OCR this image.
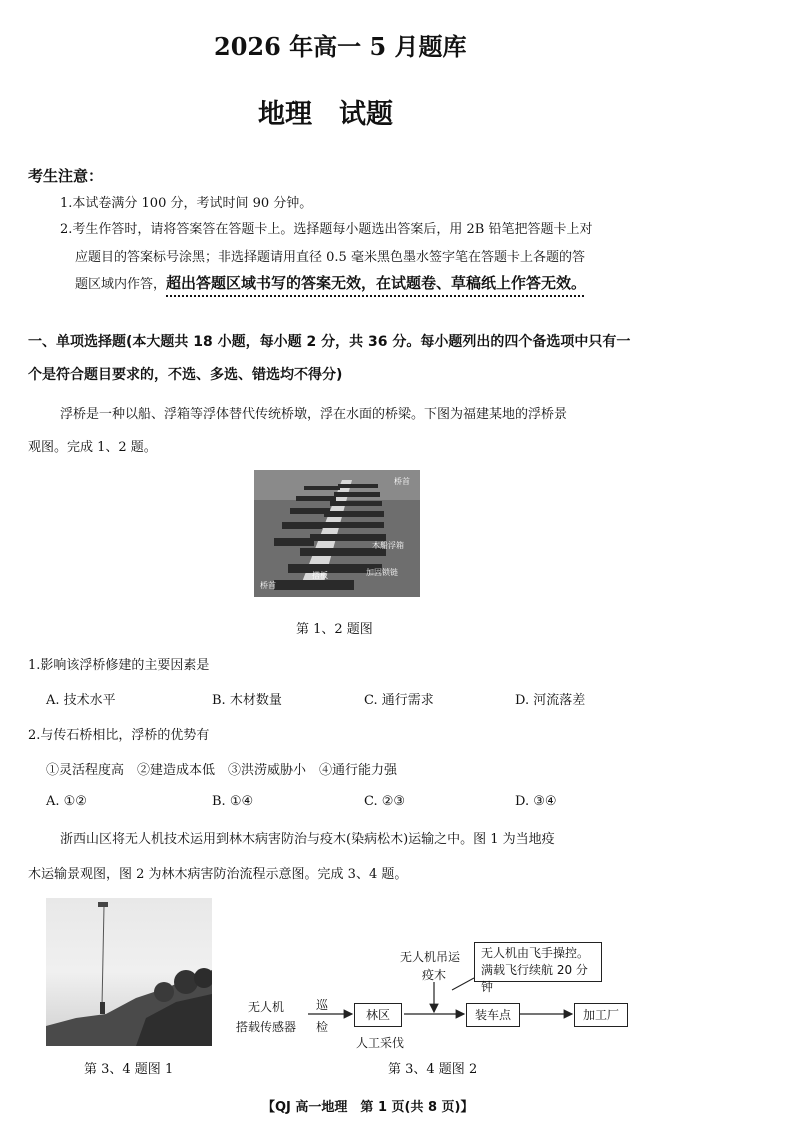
2026 年高一 5 月题库
地理　试题
考生注意：
1.本试卷满分 100 分，考试时间 90 分钟。
2.考生作答时，请将答案答在答题卡上。选择题每小题选出答案后，用 2B 铅笔把答题卡上对
应题目的答案标号涂黑；非选择题请用直径 0.5 毫米黑色墨水签字笔在答题卡上各题的答
题区域内作答，超出答题区域书写的答案无效，在试题卷、草稿纸上作答无效。
一、单项选择题(本大题共 18 小题，每小题 2 分，共 36 分。每小题列出的四个备选项中只有一
个是符合题目要求的，不选、多选、错选均不得分)
浮桥是一种以船、浮箱等浮体替代传统桥墩，浮在水面的桥梁。下图为福建某地的浮桥景
观图。完成 1、2 题。
桥首
木船浮箱
加固锁链
搭板
桥首
第 1、2 题图
1.影响该浮桥修建的主要因素是
A. 技术水平	B. 木材数量	C. 通行需求	D. 河流落差
2.与传石桥相比，浮桥的优势有
①灵活程度高　②建造成本低　③洪涝威胁小　④通行能力强
A. ①②	B. ①④	C. ②③	D. ③④
浙西山区将无人机技术运用到林木病害防治与疫木(染病松木)运输之中。图 1 为当地疫
木运输景观图，图 2 为林木病害防治流程示意图。完成 3、4 题。
第 3、4 题图 1
无人机
搭载传感器
巡
检
林区
人工采伐
无人机吊运
疫木
无人机由飞手操控。
满载飞行续航 20 分钟
装车点	加工厂
第 3、4 题图 2
【QJ 高一地理　第 1 页(共 8 页)】
